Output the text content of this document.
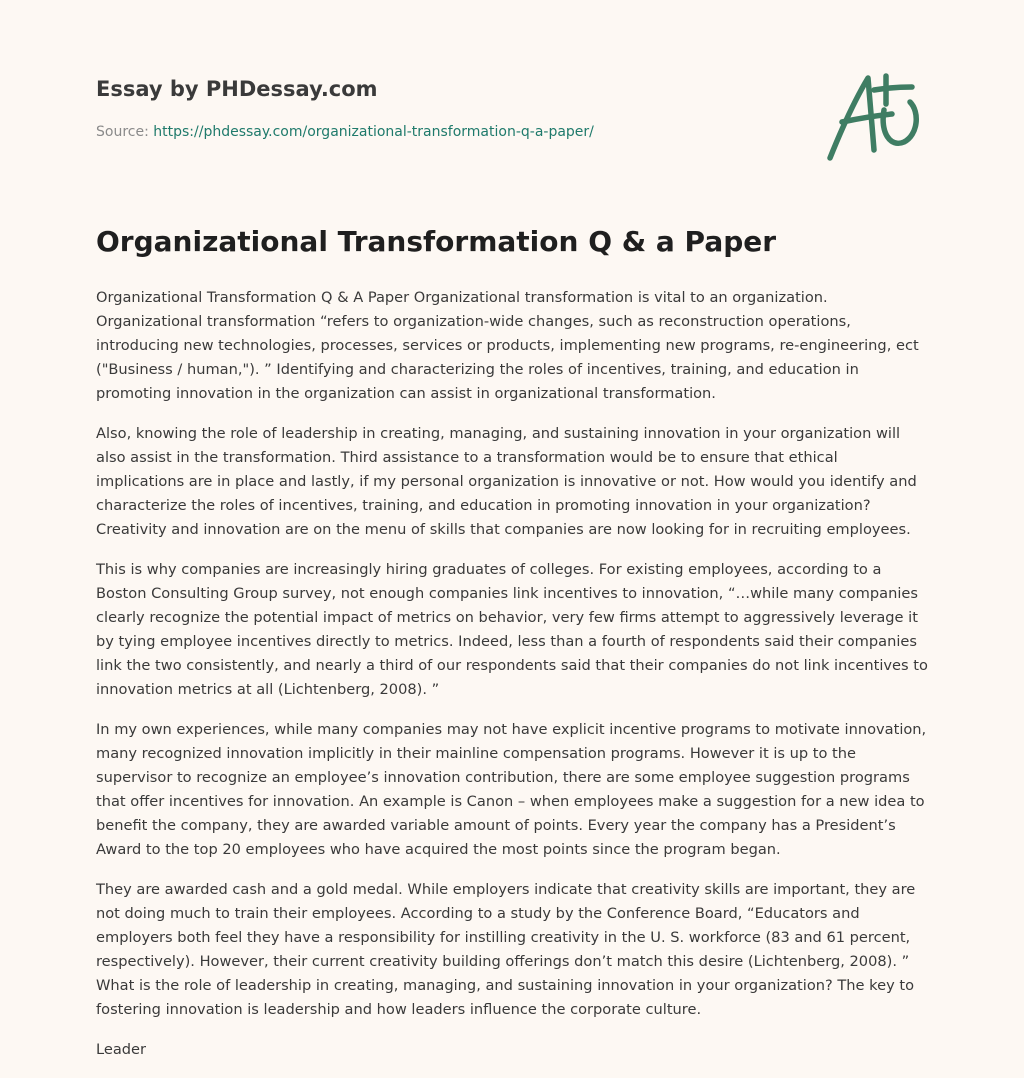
Essay by PHDessay.com
Source: https://phdessay.com/organizational-transformation-q-a-paper/
Organizational Transformation Q & a Paper

Organizational Transformation Q & A Paper Organizational transformation is vital to an organization. Organizational transformation “refers to organization-wide changes, such as reconstruction operations, introducing new technologies, processes, services or products, implementing new programs, re-engineering, ect ("Business / human,"). ” Identifying and characterizing the roles of incentives, training, and education in promoting innovation in the organization can assist in organizational transformation.

Also, knowing the role of leadership in creating, managing, and sustaining innovation in your organization will also assist in the transformation. Third assistance to a transformation would be to ensure that ethical implications are in place and lastly, if my personal organization is innovative or not. How would you identify and characterize the roles of incentives, training, and education in promoting innovation in your organization? Creativity and innovation are on the menu of skills that companies are now looking for in recruiting employees.

This is why companies are increasingly hiring graduates of colleges. For existing employees, according to a Boston Consulting Group survey, not enough companies link incentives to innovation, “…while many companies clearly recognize the potential impact of metrics on behavior, very few firms attempt to aggressively leverage it by tying employee incentives directly to metrics. Indeed, less than a fourth of respondents said their companies link the two consistently, and nearly a third of our respondents said that their companies do not link incentives to innovation metrics at all (Lichtenberg, 2008). ”

In my own experiences, while many companies may not have explicit incentive programs to motivate innovation, many recognized innovation implicitly in their mainline compensation programs. However it is up to the supervisor to recognize an employee’s innovation contribution, there are some employee suggestion programs that offer incentives for innovation. An example is Canon – when employees make a suggestion for a new idea to benefit the company, they are awarded variable amount of points. Every year the company has a President’s Award to the top 20 employees who have acquired the most points since the program began.

They are awarded cash and a gold medal. While employers indicate that creativity skills are important, they are not doing much to train their employees. According to a study by the Conference Board, “Educators and employers both feel they have a responsibility for instilling creativity in the U. S. workforce (83 and 61 percent, respectively). However, their current creativity building offerings don’t match this desire (Lichtenberg, 2008). ” What is the role of leadership in creating, managing, and sustaining innovation in your organization? The key to fostering innovation is leadership and how leaders influence the corporate culture.

Leader
